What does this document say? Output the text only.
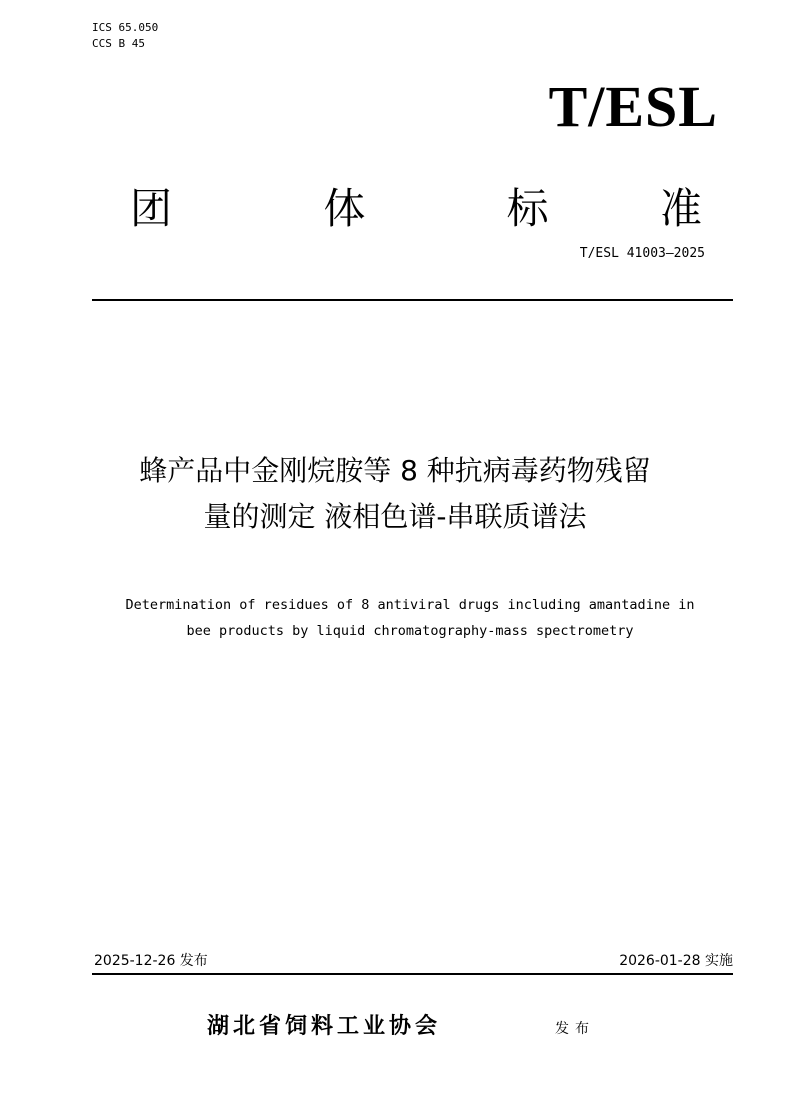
ICS 65.050
CCS B 45
T/ESL
团	体	标	准
T/ESL 41003—2025
蜂产品中金刚烷胺等 8 种抗病毒药物残留
量的测定 液相色谱-串联质谱法
Determination of residues of 8 antiviral drugs including amantadine in
bee products by liquid chromatography-mass spectrometry
2025-12-26 发布	2026-01-28 实施
湖北省饲料工业协会	发布
